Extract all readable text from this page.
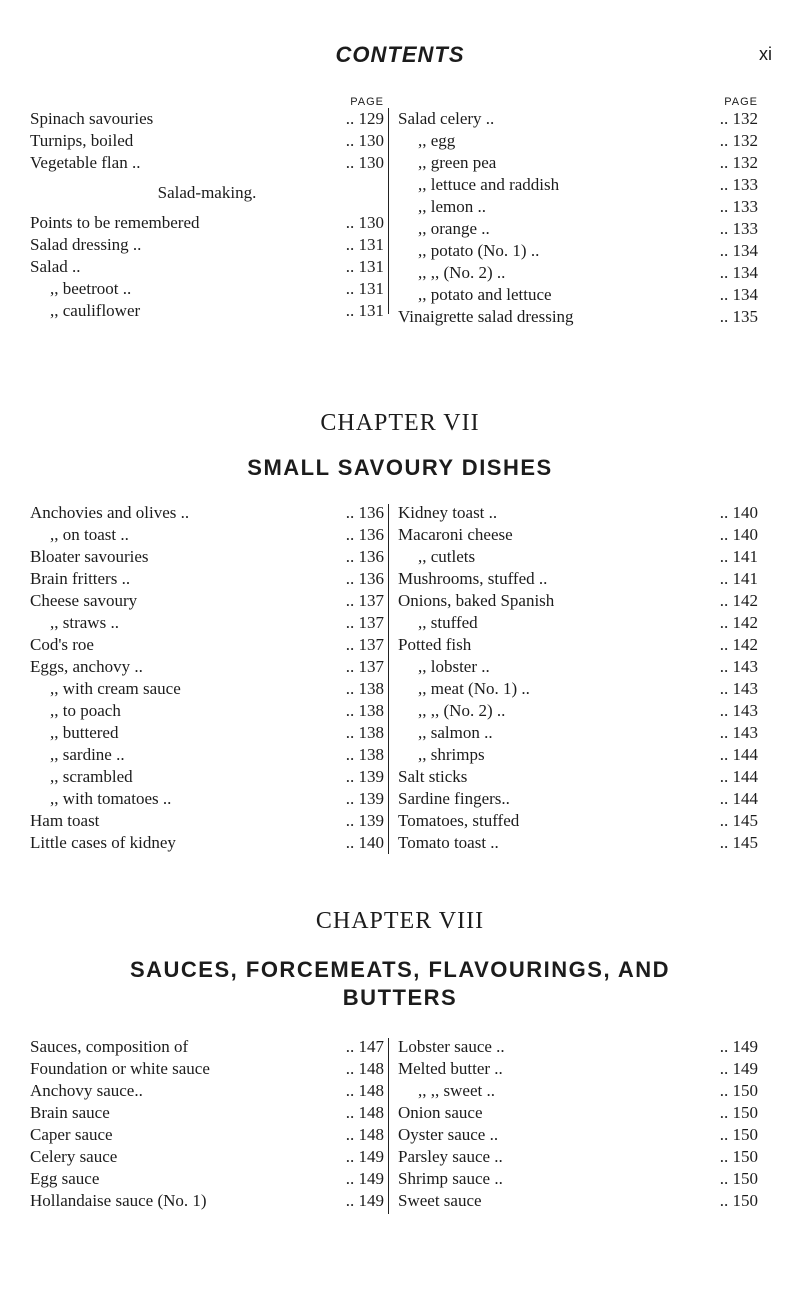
CONTENTS	xi
PAGE
Spinach savouries	.. 129
Turnips, boiled	.. 130
Vegetable flan ..	.. 130
Salad-making.
Points to be remembered	.. 130
Salad dressing ..	.. 131
Salad ..	.. 131
,, beetroot ..	.. 131
,, cauliflower	.. 131
PAGE
Salad celery ..	.. 132
,, egg	.. 132
,, green pea	.. 132
,, lettuce and raddish	.. 133
,, lemon ..	.. 133
,, orange ..	.. 133
,, potato (No. 1) ..	.. 134
,, ,, (No. 2) ..	.. 134
,, potato and lettuce	.. 134
Vinaigrette salad dressing	.. 135
CHAPTER VII
SMALL SAVOURY DISHES
Anchovies and olives ..	.. 136
,, on toast ..	.. 136
Bloater savouries	.. 136
Brain fritters ..	.. 136
Cheese savoury	.. 137
,, straws ..	.. 137
Cod's roe	.. 137
Eggs, anchovy ..	.. 137
,, with cream sauce	.. 138
,, to poach	.. 138
,, buttered	.. 138
,, sardine ..	.. 138
,, scrambled	.. 139
,, with tomatoes ..	.. 139
Ham toast	.. 139
Little cases of kidney	.. 140
Kidney toast ..	.. 140
Macaroni cheese	.. 140
,, cutlets	.. 141
Mushrooms, stuffed ..	.. 141
Onions, baked Spanish	.. 142
,, stuffed	.. 142
Potted fish	.. 142
,, lobster ..	.. 143
,, meat (No. 1) ..	.. 143
,, ,, (No. 2) ..	.. 143
,, salmon ..	.. 143
,, shrimps	.. 144
Salt sticks	.. 144
Sardine fingers..	.. 144
Tomatoes, stuffed	.. 145
Tomato toast ..	.. 145
CHAPTER VIII
SAUCES, FORCEMEATS, FLAVOURINGS, AND
BUTTERS
Sauces, composition of	.. 147
Foundation or white sauce	.. 148
Anchovy sauce..	.. 148
Brain sauce	.. 148
Caper sauce	.. 148
Celery sauce	.. 149
Egg sauce	.. 149
Hollandaise sauce (No. 1)	.. 149
Lobster sauce ..	.. 149
Melted butter ..	.. 149
,, ,, sweet ..	.. 150
Onion sauce	.. 150
Oyster sauce ..	.. 150
Parsley sauce ..	.. 150
Shrimp sauce ..	.. 150
Sweet sauce	.. 150
